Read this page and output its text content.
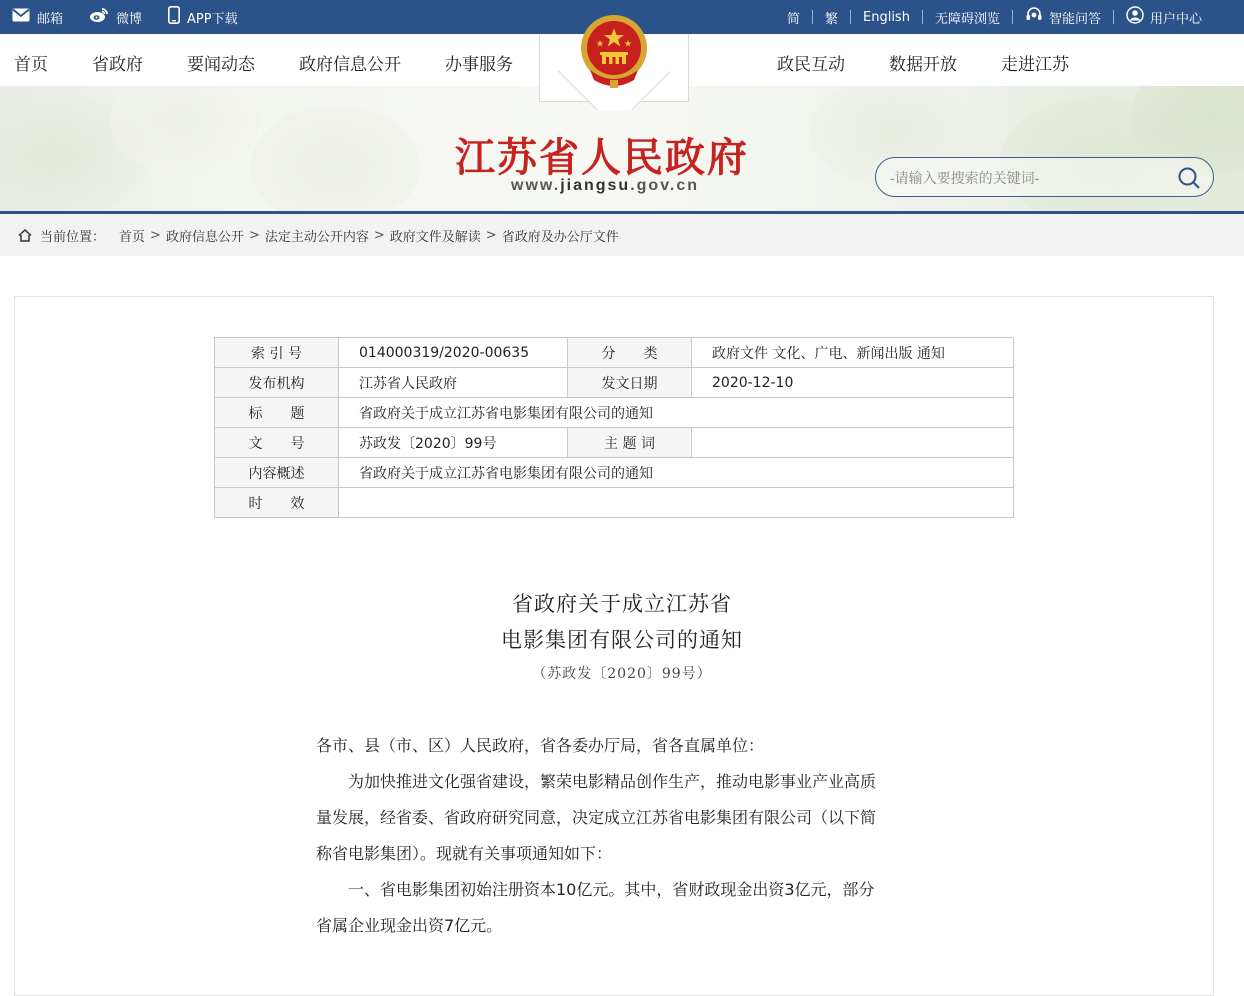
邮箱	微博	APP下载	简 繁 English 无障碍浏览	智能问答	用户中心
首页	省政府	要闻动态	政府信息公开	办事服务	政民互动	数据开放	走进江苏
江苏省人民政府
www.jiangsu.gov.cn
-请输入要搜索的关键词-
当前位置： 首页 > 政府信息公开 > 法定主动公开内容 > 政府文件及解读 > 省政府及办公厅文件
索 引 号	014000319/2020-00635	分　　类	政府文件 文化、广电、新闻出版 通知
发布机构	江苏省人民政府	发文日期	2020-12-10
标　　题	省政府关于成立江苏省电影集团有限公司的通知		
文　　号	苏政发〔2020〕99号	主 题 词	
内容概述	省政府关于成立江苏省电影集团有限公司的通知		
时　　效			
省政府关于成立江苏省
电影集团有限公司的通知
（苏政发〔2020〕99号）

各市、县（市、区）人民政府，省各委办厅局，省各直属单位：

　　为加快推进文化强省建设，繁荣电影精品创作生产，推动电影事业产业高质

量发展，经省委、省政府研究同意，决定成立江苏省电影集团有限公司（以下简

称省电影集团）。现就有关事项通知如下：

　　一、省电影集团初始注册资本10亿元。其中，省财政现金出资3亿元，部分

省属企业现金出资7亿元。
